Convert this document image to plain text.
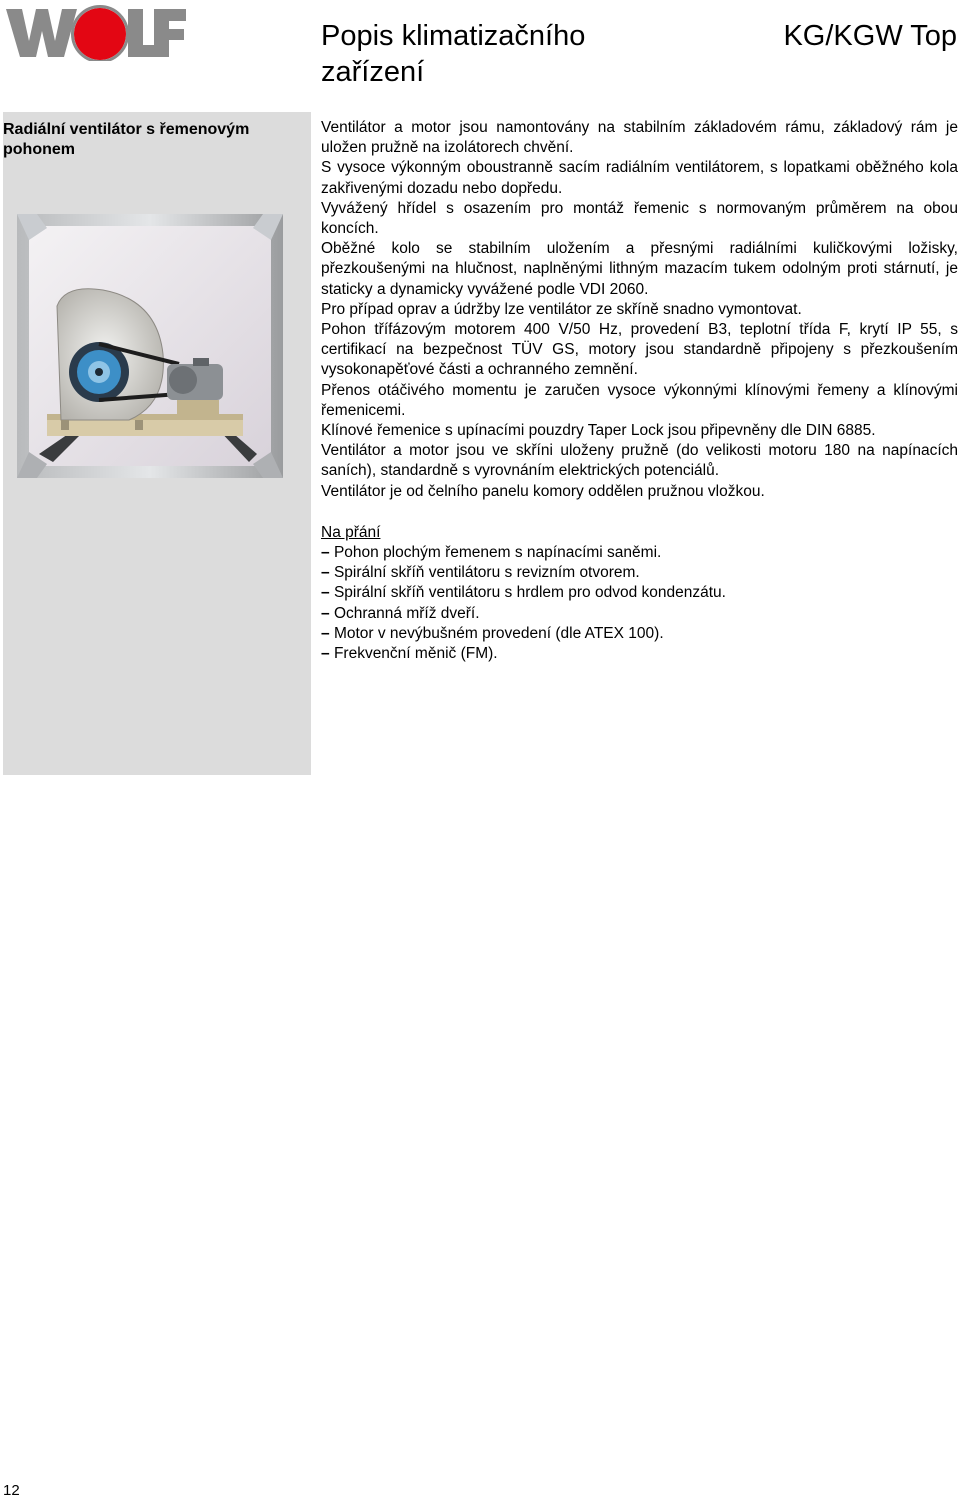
Popis klimatizačního zařízení
KG/KGW Top
Radiální ventilátor s řemenovým pohonem

Ventilátor a motor jsou namontovány na stabilním základovém rámu, základový rám je uložen pružně na izolátorech chvění.

S vysoce výkonným oboustranně sacím radiálním ventilátorem, s lopatkami oběžného kola zakřivenými dozadu nebo dopředu.

Vyvážený hřídel s osazením pro montáž řemenic s normovaným průměrem na obou koncích.

Oběžné kolo se stabilním uložením a přesnými radiálními kuličkovými ložisky, přezkoušenými na hlučnost, naplněnými lithným mazacím tukem odolným proti stárnutí, je staticky a dynamicky vyvážené podle VDI 2060.

Pro případ oprav a údržby lze ventilátor ze skříně snadno vymontovat.

Pohon třífázovým motorem 400 V/50 Hz, provedení B3, teplotní třída F, krytí IP 55, s certifikací na bezpečnost TÜV GS, motory jsou standardně připojeny s přezkoušením vysokonapěťové části a ochranného zemnění.

Přenos otáčivého momentu je zaručen vysoce výkonnými klínovými řemeny a klínovými řemenicemi.

Klínové řemenice s upínacími pouzdry Taper Lock jsou připevněny dle DIN 6885.

Ventilátor a motor jsou ve skříni uloženy pružně (do velikosti motoru 180 na napínacích saních), standardně s vyrovnáním elektrických potenciálů.

Ventilátor je od čelního panelu komory oddělen pružnou vložkou.

Na přání
– Pohon plochým řemenem s napínacími saněmi.
– Spirální skříň ventilátoru s revizním otvorem.
– Spirální skříň ventilátoru s hrdlem pro odvod kondenzátu.
– Ochranná mříž dveří.
– Motor v nevýbušném provedení (dle ATEX 100).
– Frekvenční měnič (FM).
12
